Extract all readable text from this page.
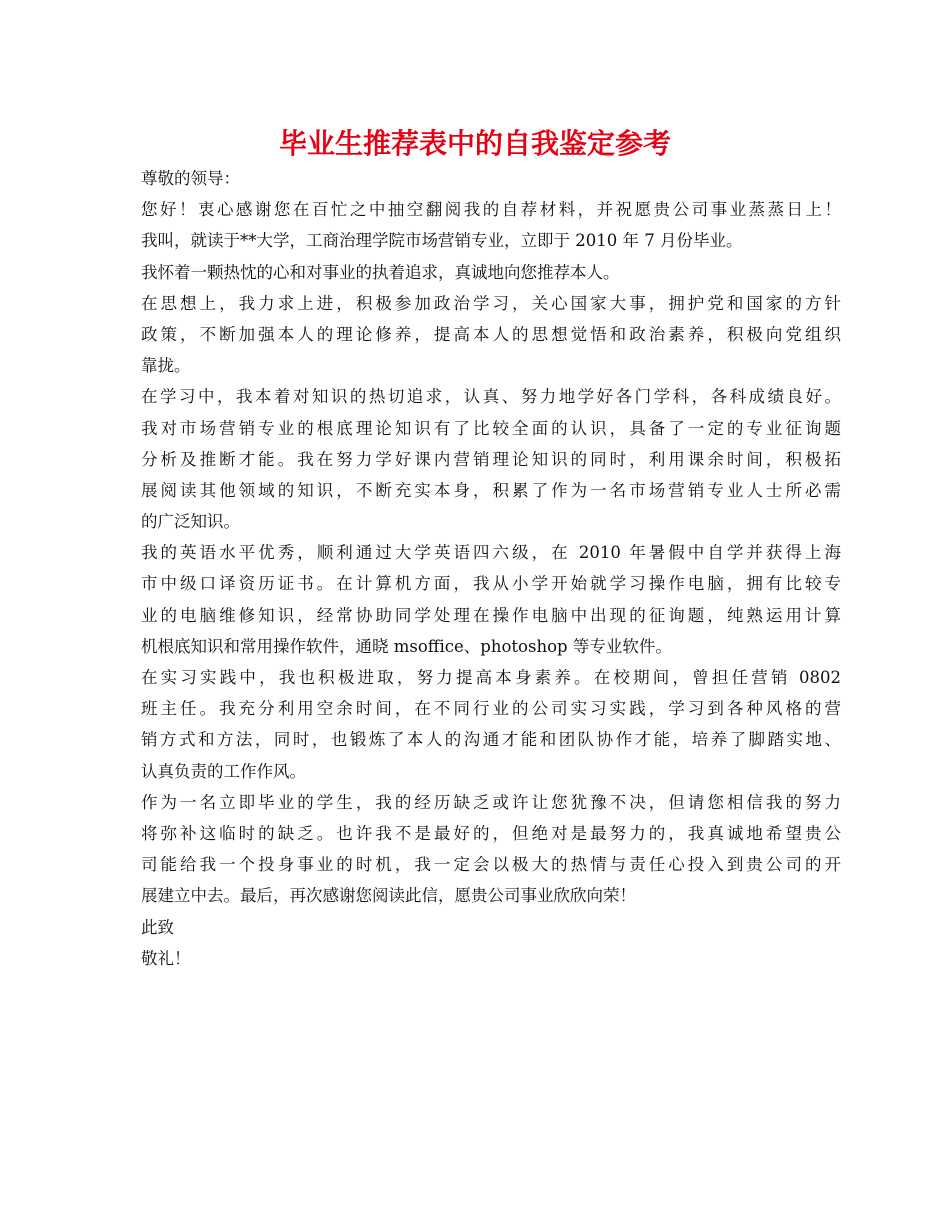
毕业生推荐表中的自我鉴定参考
尊敬的领导：
您好！衷心感谢您在百忙之中抽空翻阅我的自荐材料，并祝愿贵公司事业蒸蒸日上！
我叫，就读于**大学，工商治理学院市场营销专业，立即于 2010 年 7 月份毕业。
我怀着一颗热忱的心和对事业的执着追求，真诚地向您推荐本人。
在思想上，我力求上进，积极参加政治学习，关心国家大事，拥护党和国家的方针
政策，不断加强本人的理论修养，提高本人的思想觉悟和政治素养，积极向党组织
靠拢。
在学习中，我本着对知识的热切追求，认真、努力地学好各门学科，各科成绩良好。
我对市场营销专业的根底理论知识有了比较全面的认识，具备了一定的专业征询题
分析及推断才能。我在努力学好课内营销理论知识的同时，利用课余时间，积极拓
展阅读其他领域的知识，不断充实本身，积累了作为一名市场营销专业人士所必需
的广泛知识。
我的英语水平优秀，顺利通过大学英语四六级，在 2010 年暑假中自学并获得上海
市中级口译资历证书。在计算机方面，我从小学开始就学习操作电脑，拥有比较专
业的电脑维修知识，经常协助同学处理在操作电脑中出现的征询题，纯熟运用计算
机根底知识和常用操作软件，通晓 msoffice、photoshop 等专业软件。
在实习实践中，我也积极进取，努力提高本身素养。在校期间，曾担任营销 0802
班主任。我充分利用空余时间，在不同行业的公司实习实践，学习到各种风格的营
销方式和方法，同时，也锻炼了本人的沟通才能和团队协作才能，培养了脚踏实地、
认真负责的工作作风。
作为一名立即毕业的学生，我的经历缺乏或许让您犹豫不决，但请您相信我的努力
将弥补这临时的缺乏。也许我不是最好的，但绝对是最努力的，我真诚地希望贵公
司能给我一个投身事业的时机，我一定会以极大的热情与责任心投入到贵公司的开
展建立中去。最后，再次感谢您阅读此信，愿贵公司事业欣欣向荣！
此致
敬礼！
